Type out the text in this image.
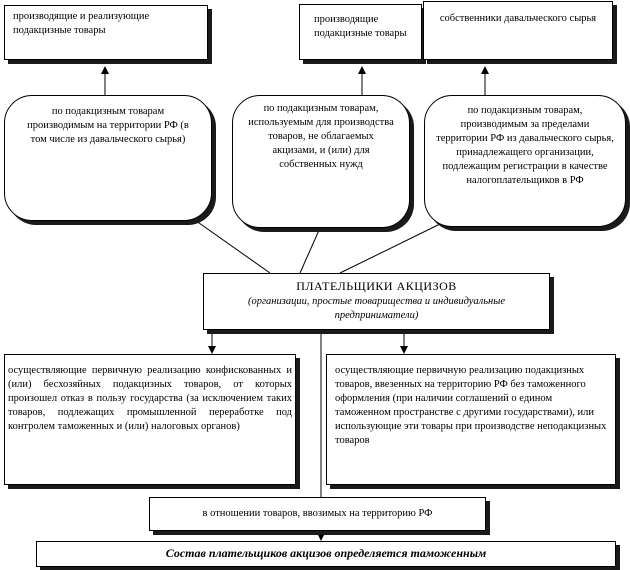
производящие и реализующие подакцизные товары
производящие подакцизные товары
собственники давальческого сырья
по подакцизным товарам производимым на территории РФ (в том числе из давальческого сырья)
по подакцизным товарам, используемым для производства товаров, не облагаемых акцизами, и (или) для собственных нужд
по подакцизным товарам, производимым за пределами территории РФ из давальческого сырья, принадлежащего организации, подлежащим регистрации в качестве налогоплательщиков в РФ
ПЛАТЕЛЬЩИКИ АКЦИЗОВ
(организации, простые товарищества и индивидуальные предприниматели)
осуществляющие первичную реализацию конфискованных и (или) бесхозяйных подакцизных товаров, от которых произошел отказ в пользу государства (за исключением таких товаров, подлежащих промышленной переработке под контролем таможенных и (или) налоговых органов)
осуществляющие первичную реализацию подакцизных товаров, ввезенных на территорию РФ без таможенного оформления (при наличии соглашений о едином таможенном пространстве с другими государствами), или использующие эти товары при производстве неподакцизных товаров
в отношении товаров, ввозимых на территорию РФ
Состав плательщиков акцизов определяется таможенным
